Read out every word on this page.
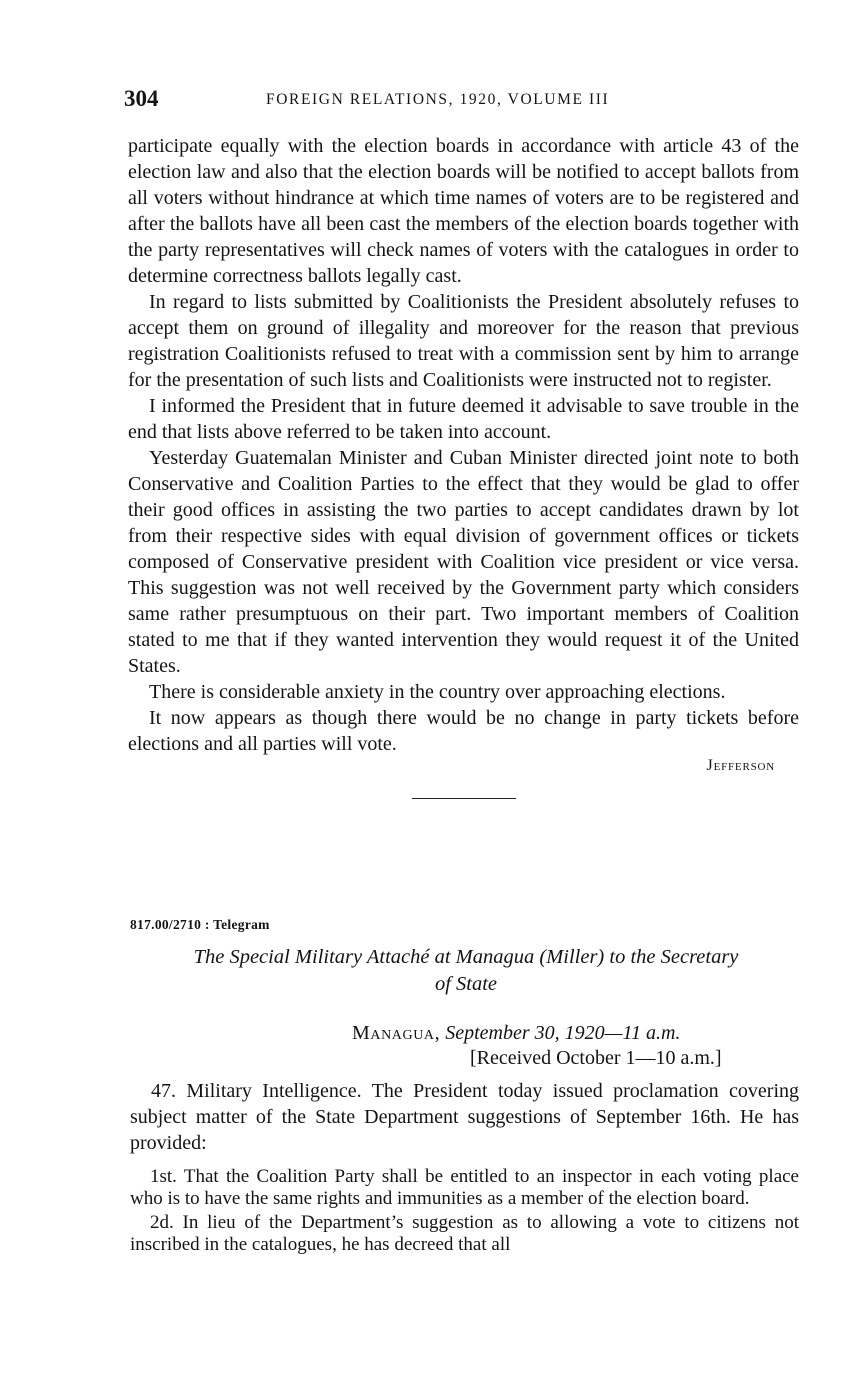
304	FOREIGN RELATIONS, 1920, VOLUME III

participate equally with the election boards in accordance with article 43 of the election law and also that the election boards will be notified to accept ballots from all voters without hindrance at which time names of voters are to be registered and after the ballots have all been cast the members of the election boards together with the party representatives will check names of voters with the catalogues in order to determine correctness ballots legally cast.

In regard to lists submitted by Coalitionists the President absolutely refuses to accept them on ground of illegality and moreover for the reason that previous registration Coalitionists refused to treat with a commission sent by him to arrange for the presentation of such lists and Coalitionists were instructed not to register.

I informed the President that in future deemed it advisable to save trouble in the end that lists above referred to be taken into account.

Yesterday Guatemalan Minister and Cuban Minister directed joint note to both Conservative and Coalition Parties to the effect that they would be glad to offer their good offices in assisting the two parties to accept candidates drawn by lot from their respective sides with equal division of government offices or tickets composed of Conservative president with Coalition vice president or vice versa. This suggestion was not well received by the Government party which considers same rather presumptuous on their part. Two important members of Coalition stated to me that if they wanted intervention they would request it of the United States.

There is considerable anxiety in the country over approaching elections.

It now appears as though there would be no change in party tickets before elections and all parties will vote.

Jefferson
817.00/2710 : Telegram
The Special Military Attaché at Managua (Miller) to the Secretary
of State
Managua, September 30, 1920—11 a.m.
[Received October 1—10 a.m.]

47. Military Intelligence. The President today issued proclamation covering subject matter of the State Department suggestions of September 16th. He has provided:

1st. That the Coalition Party shall be entitled to an inspector in each voting place who is to have the same rights and immunities as a member of the election board.

2d. In lieu of the Department’s suggestion as to allowing a vote to citizens not inscribed in the catalogues, he has decreed that all
